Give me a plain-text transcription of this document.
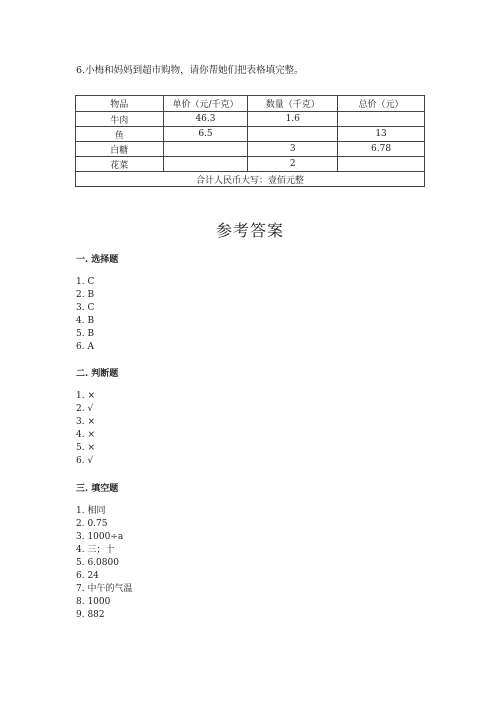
6.小梅和妈妈到超市购物，请你帮她们把表格填完整。
物品	单价（元/千克）	数量（千克）	总价（元）
牛肉	46.3	1.6	
鱼	6.5		13
白糖		3	6.78
花菜		2	
合计人民币大写：壹佰元整			
参考答案
一. 选择题
1. C
2. B
3. C
4. B
5. B
6. A
二. 判断题
1. ×
2. √
3. ×
4. ×
5. ×
6. √
三. 填空题
1. 相同
2. 0.75
3. 1000÷a
4. 三；十
5. 6.0800
6. 24
7. 中午的气温
8. 1000
9. 882
